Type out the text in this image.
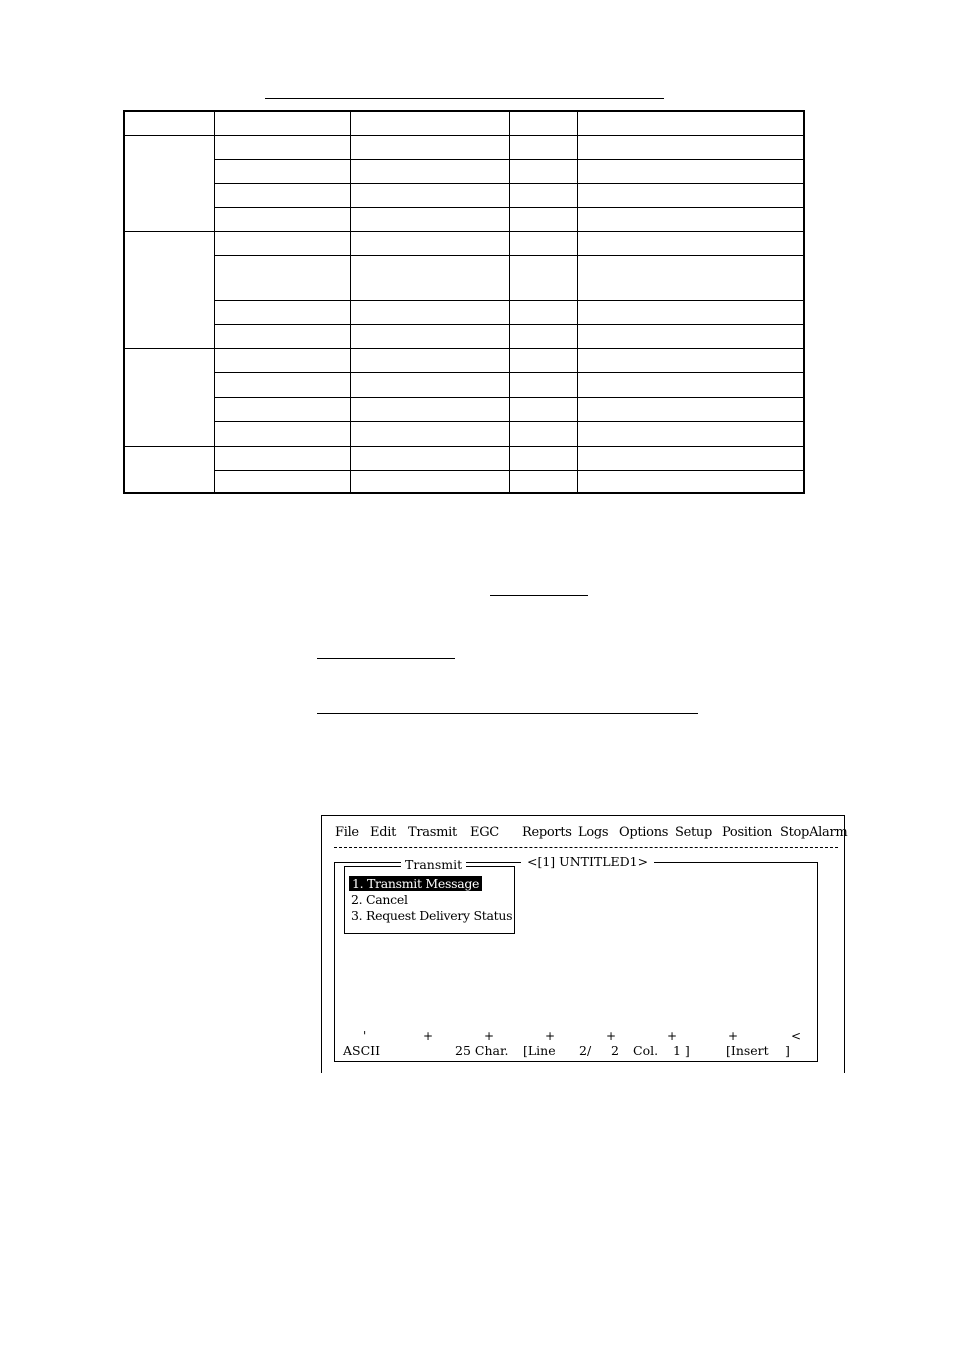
File Edit Trasmit EGC Reports Logs Options Setup Position StopAlarm
<[1] UNTITLED1>
Transmit
1. Transmit Message
2. Cancel
3. Request Delivery Status
'	+	+	+	+	+	+	<
ASCII	25 Char. [Line 2/ 2 Col. 1 ]	[Insert ]
